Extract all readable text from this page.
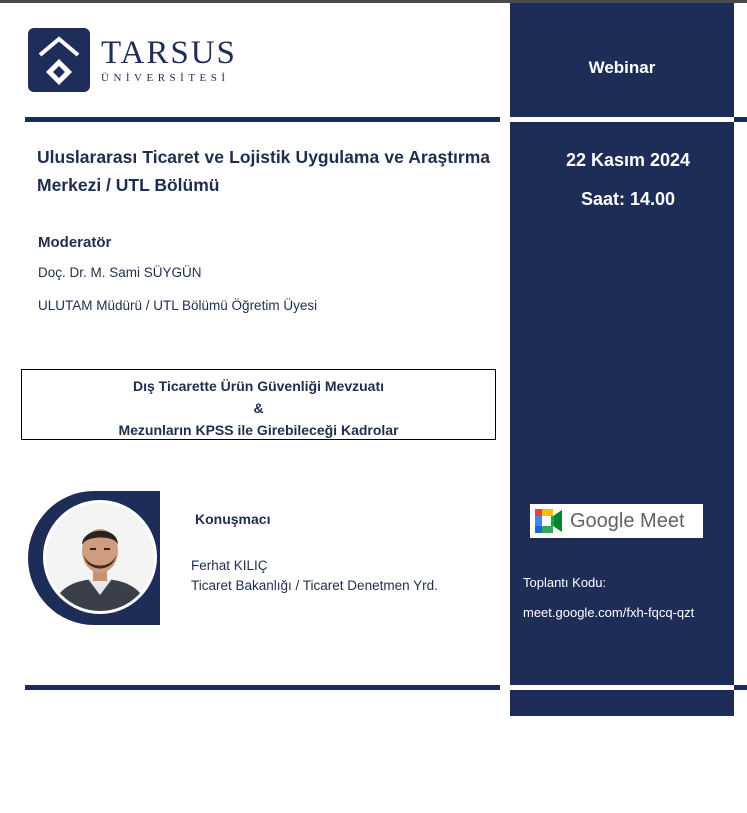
TARSUS
ÜNİVERSİTESİ
Webinar
22 Kasım 2024
Saat: 14.00
Google Meet
Toplantı Kodu:
meet.google.com/fxh-fqcq-qzt
Uluslararası Ticaret ve Lojistik Uygulama ve Araştırma Merkezi / UTL Bölümü
Moderatör
Doç. Dr. M. Sami SÜYGÜN
ULUTAM Müdürü / UTL Bölümü Öğretim Üyesi
Dış Ticarette Ürün Güvenliği Mevzuatı
&
Mezunların KPSS ile Girebileceği Kadrolar
Konuşmacı
Ferhat KILIÇ
Ticaret Bakanlığı / Ticaret Denetmen Yrd.
